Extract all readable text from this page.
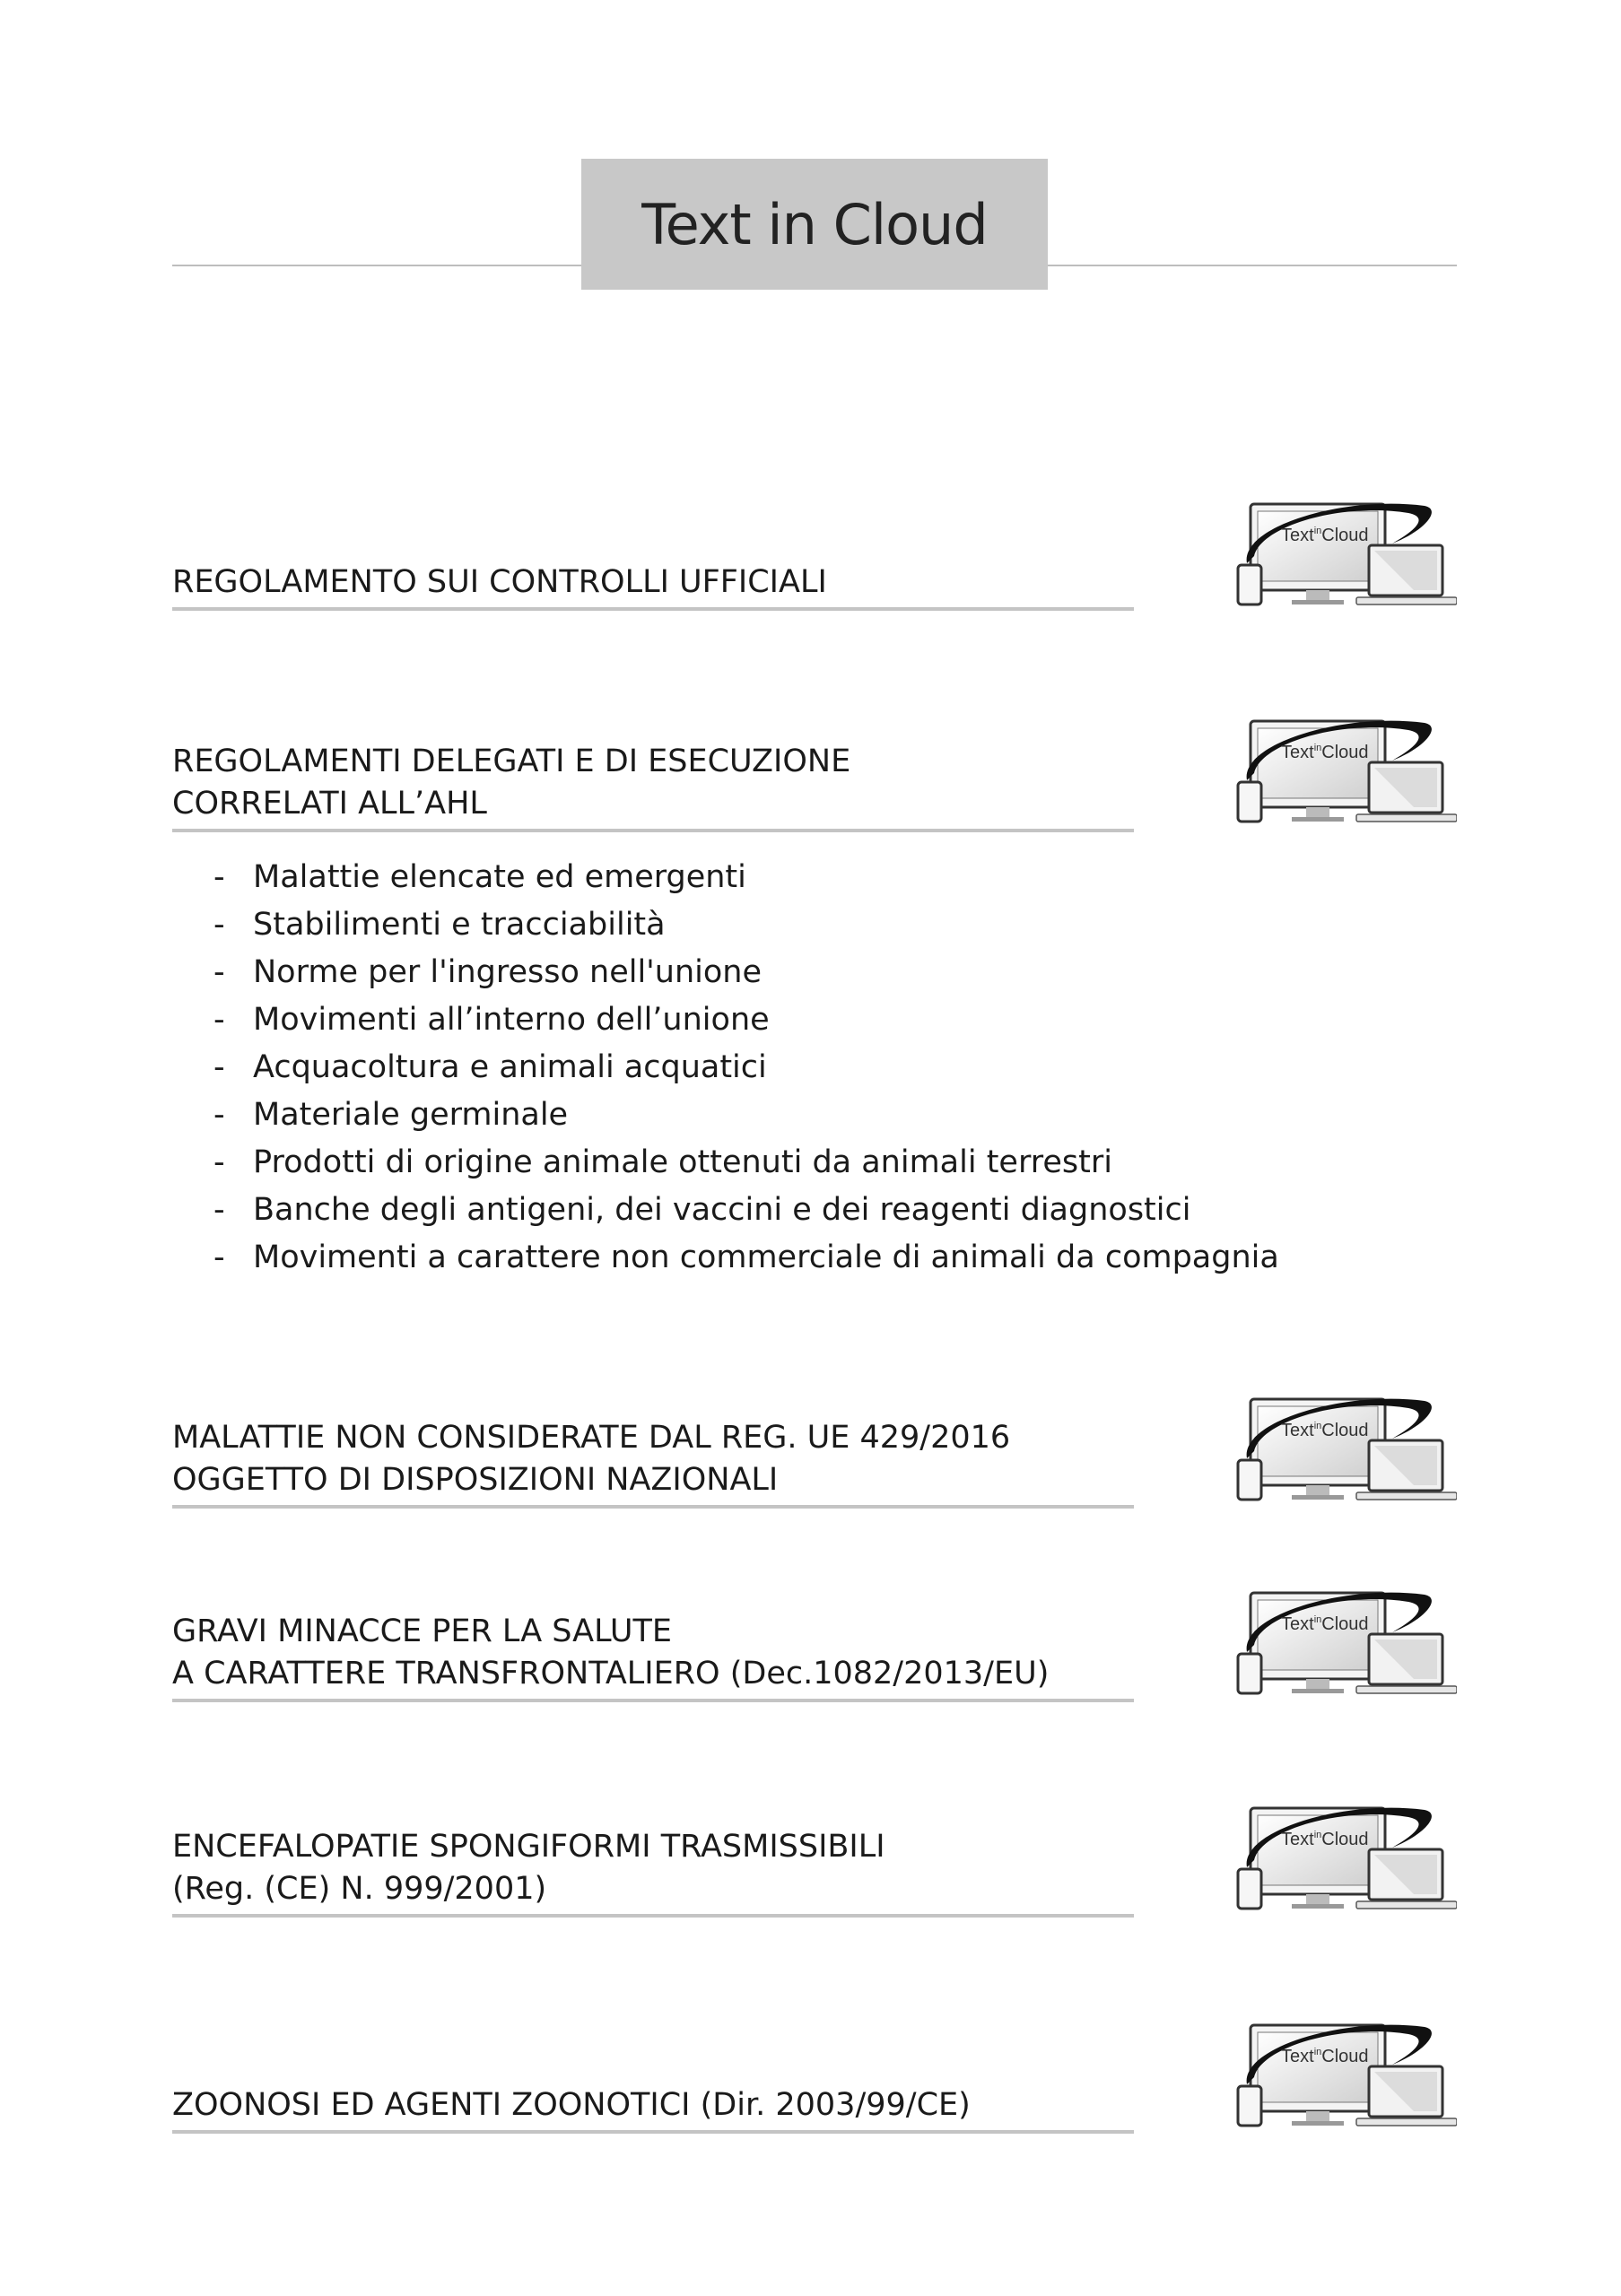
Text in Cloud
REGOLAMENTO SUI CONTROLLI UFFICIALI
Text$^{in}$Cloud
REGOLAMENTI DELEGATI E DI ESECUZIONE
CORRELATI ALL’AHL
Text$^{in}$Cloud
- Malattie elencate ed emergenti
- Stabilimenti e tracciabilità
- Norme per l'ingresso nell'unione
- Movimenti all’interno dell’unione
- Acquacoltura e animali acquatici
- Materiale germinale
- Prodotti di origine animale ottenuti da animali terrestri
- Banche degli antigeni, dei vaccini e dei reagenti diagnostici
- Movimenti a carattere non commerciale di animali da compagnia
MALATTIE NON CONSIDERATE DAL REG. UE 429/2016
OGGETTO DI DISPOSIZIONI NAZIONALI
Text$^{in}$Cloud
GRAVI MINACCE PER LA SALUTE
A CARATTERE TRANSFRONTALIERO (Dec.1082/2013/EU)
Text$^{in}$Cloud
ENCEFALOPATIE SPONGIFORMI TRASMISSIBILI
(Reg. (CE) N. 999/2001)
Text$^{in}$Cloud
ZOONOSI ED AGENTI ZOONOTICI (Dir. 2003/99/CE)
Text$^{in}$Cloud
